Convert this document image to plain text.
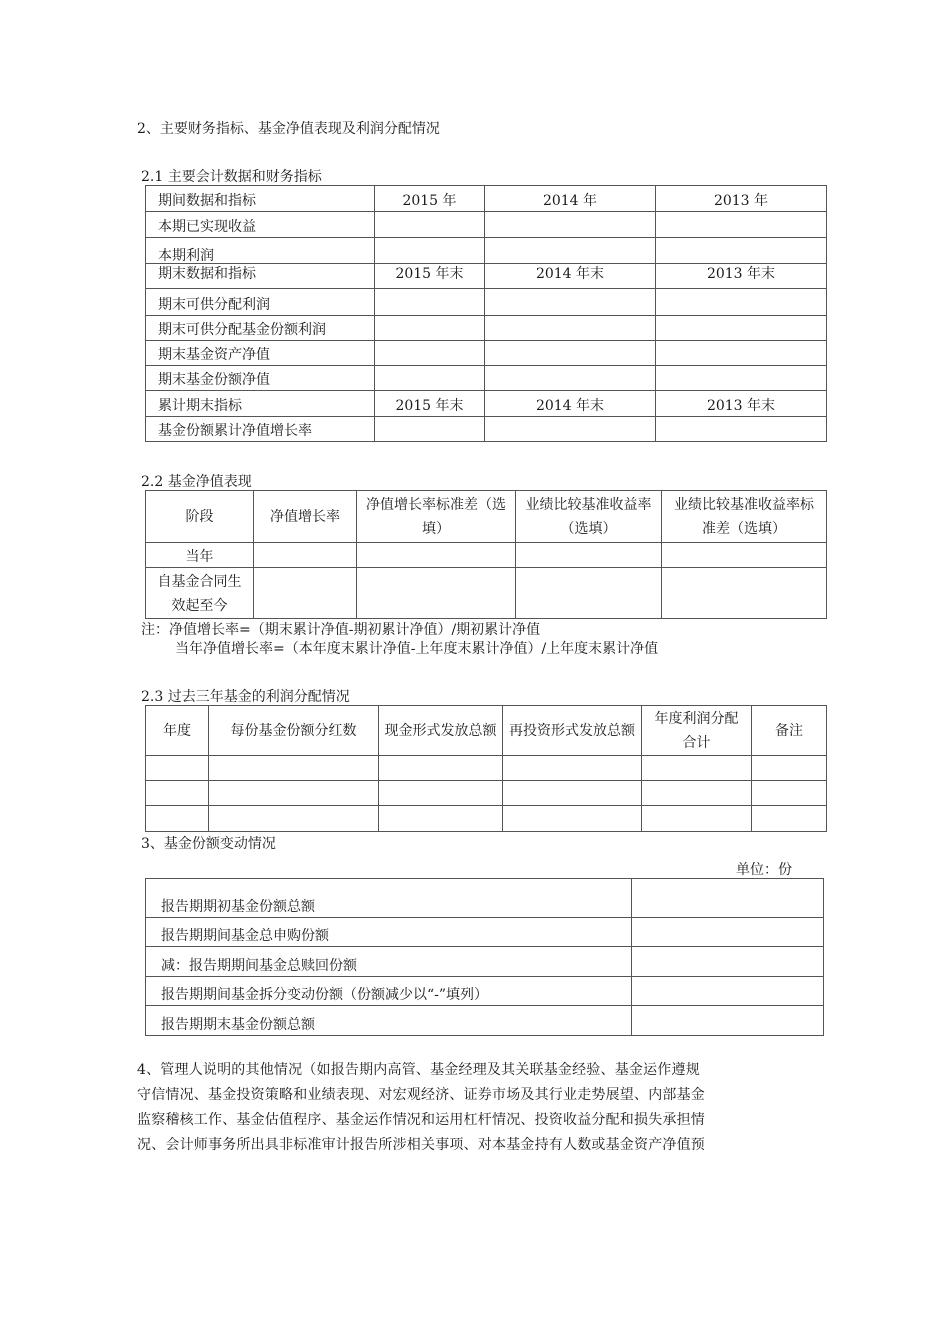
2、主要财务指标、基金净值表现及利润分配情况
2.1 主要会计数据和财务指标
期间数据和指标	2015 年	2014 年	2013 年
本期已实现收益			
本期利润			
期末数据和指标	2015 年末	2014 年末	2013 年末
期末可供分配利润			
期末可供分配基金份额利润			
期末基金资产净值			
期末基金份额净值			
累计期末指标	2015 年末	2014 年末	2013 年末
基金份额累计净值增长率			
2.2 基金净值表现
阶段	净值增长率	净值增长率标准差（选填）	业绩比较基准收益率（选填）	业绩比较基准收益率标准差（选填）
当年				
自基金合同生效起至今				
注：净值增长率=（期末累计净值-期初累计净值）/期初累计净值
当年净值增长率=（本年度末累计净值-上年度末累计净值）/上年度末累计净值
2.3 过去三年基金的利润分配情况
年度	每份基金份额分红数	现金形式发放总额	再投资形式发放总额	年度利润分配合计	备注

3、基金份额变动情况
单位：份
报告期期初基金份额总额	
报告期期间基金总申购份额	
减：报告期期间基金总赎回份额	
报告期期间基金拆分变动份额（份额减少以“-”填列）	
报告期期末基金份额总额	
4、管理人说明的其他情况（如报告期内高管、基金经理及其关联基金经验、基金运作遵规
守信情况、基金投资策略和业绩表现、对宏观经济、证券市场及其行业走势展望、内部基金
监察稽核工作、基金估值程序、基金运作情况和运用杠杆情况、投资收益分配和损失承担情
况、会计师事务所出具非标准审计报告所涉相关事项、对本基金持有人数或基金资产净值预
